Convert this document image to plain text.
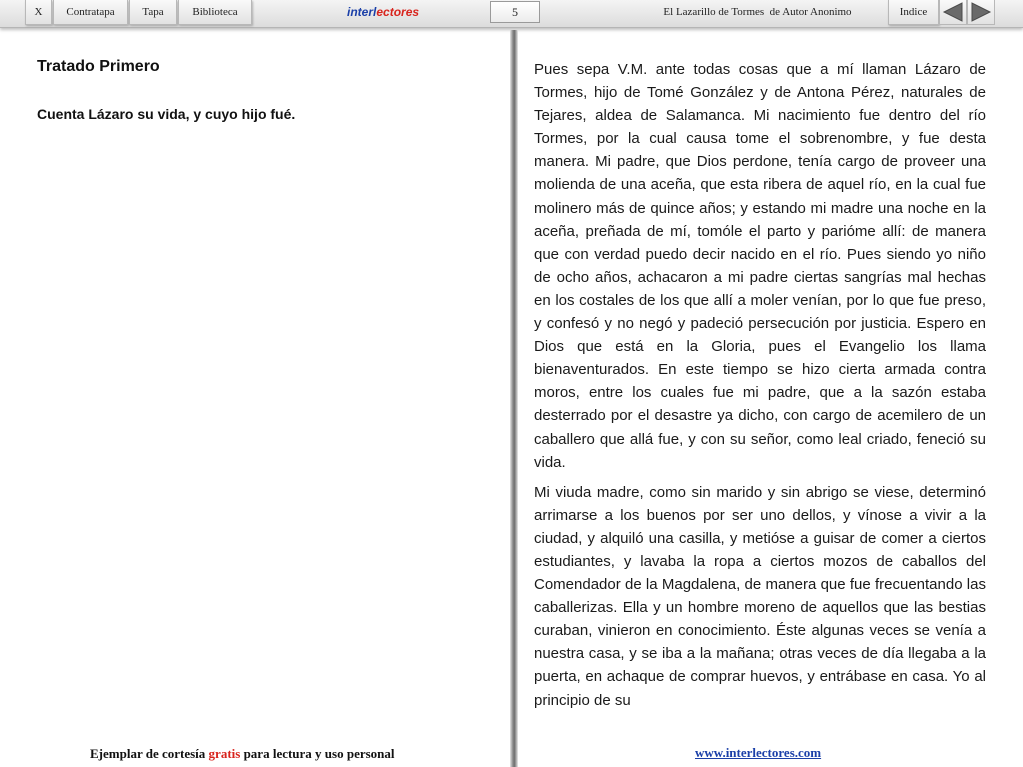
X	Contratapa	Tapa	Biblioteca	interlectores	5	El Lazarillo de Tormes  de Autor Anonimo	Indice
Tratado Primero
Cuenta Lázaro su vida, y cuyo hijo fué.

Pues sepa V.M. ante todas cosas que a mí llaman Lázaro de Tormes, hijo de Tomé González y de Antona Pérez, naturales de Tejares, aldea de Salamanca. Mi nacimiento fue dentro del río Tormes, por la cual causa tome el sobrenombre, y fue desta manera. Mi padre, que Dios perdone, tenía cargo de proveer una molienda de una aceña, que esta ribera de aquel río, en la cual fue molinero más de quince años; y estando mi madre una noche en la aceña, preñada de mí, tomóle el parto y parióme allí: de manera que con verdad puedo decir nacido en el río. Pues siendo yo niño de ocho años, achacaron a mi padre ciertas sangrías mal hechas en los costales de los que allí a moler venían, por lo que fue preso, y confesó y no negó y padeció persecución por justicia. Espero en Dios que está en la Gloria, pues el Evangelio los llama bienaventurados. En este tiempo se hizo cierta armada contra moros, entre los cuales fue mi padre, que a la sazón estaba desterrado por el desastre ya dicho, con cargo de acemilero de un caballero que allá fue, y con su señor, como leal criado, feneció su vida.

Mi viuda madre, como sin marido y sin abrigo se viese, determinó arrimarse a los buenos por ser uno dellos, y vínose a vivir a la ciudad, y alquiló una casilla, y metióse a guisar de comer a ciertos estudiantes, y lavaba la ropa a ciertos mozos de caballos del Comendador de la Magdalena, de manera que fue frecuentando las caballerizas. Ella y un hombre moreno de aquellos que las bestias curaban, vinieron en conocimiento. Éste algunas veces se venía a nuestra casa, y se iba a la mañana; otras veces de día llegaba a la puerta, en achaque de comprar huevos, y entrábase en casa. Yo al principio de su

Ejemplar de cortesía gratis para lectura y uso personal	www.interlectores.com
